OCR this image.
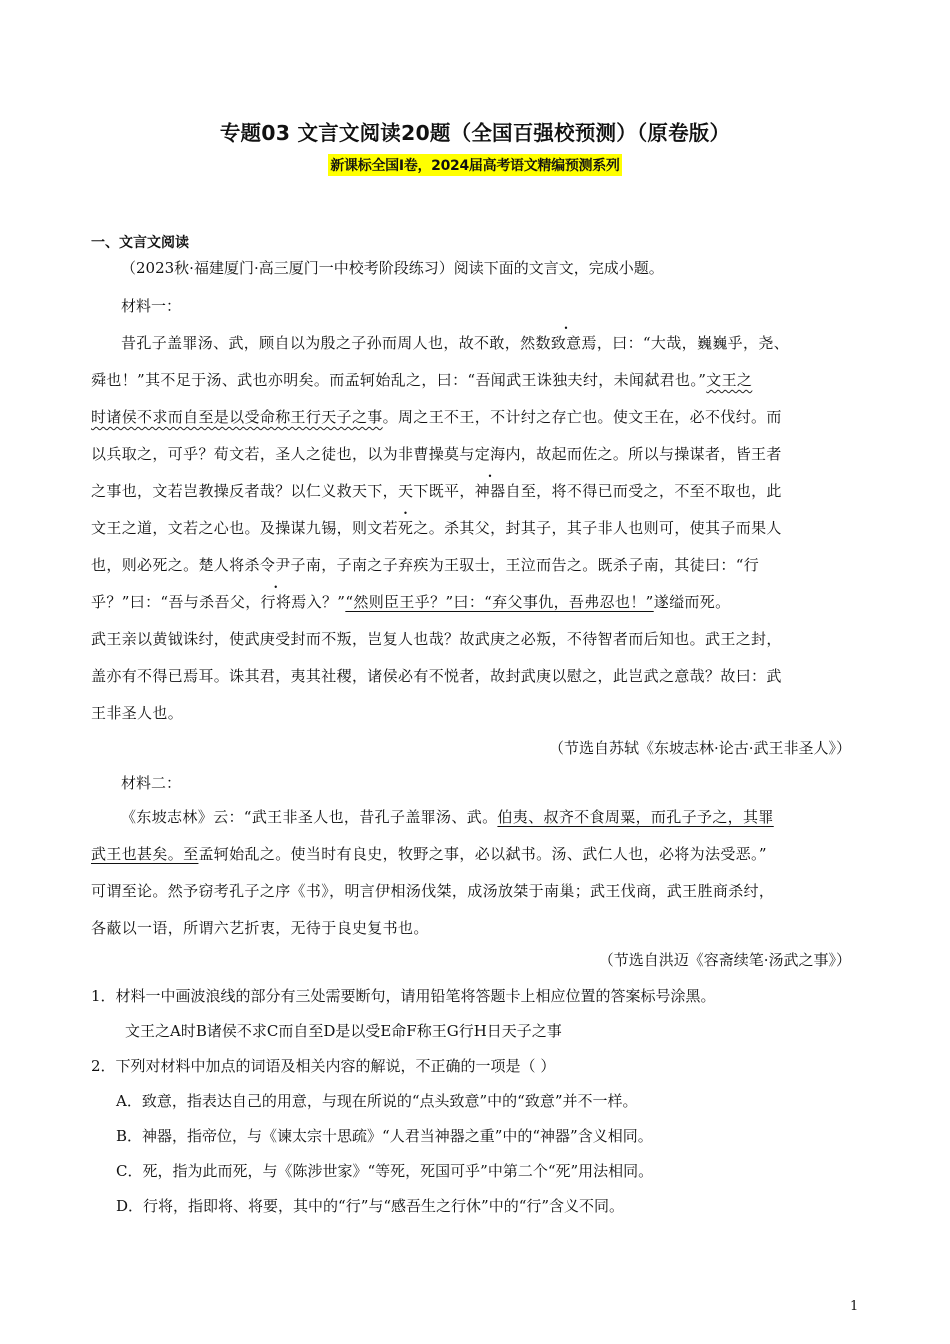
专题03 文言文阅读20题（全国百强校预测）（原卷版）
新课标全国Ⅰ卷，2024届高考语文精编预测系列
一、文言文阅读
（2023秋·福建厦门·高三厦门一中校考阶段练习）阅读下面的文言文，完成小题。
材料一：
昔孔子盖罪汤、武，顾自以为殷之子孙而周人也，故不敢，然数致意焉，曰：“大哉，巍巍乎，尧、
舜也！”其不足于汤、武也亦明矣。而孟轲始乱之，曰：“吾闻武王诛独夫纣，未闻弑君也。”文王之
时诸侯不求而自至是以受命称王行天子之事。周之王不王，不计纣之存亡也。使文王在，必不伐纣。而
以兵取之，可乎？荀文若，圣人之徒也，以为非曹操莫与定海内，故起而佐之。所以与操谋者，皆王者
之事也，文若岂教操反者哉？以仁义救天下，天下既平，神器自至，将不得已而受之，不至不取也，此
文王之道，文若之心也。及操谋九锡，则文若死之。杀其父，封其子，其子非人也则可，使其子而果人
也，则必死之。楚人将杀令尹子南，子南之子弃疾为王驭士，王泣而告之。既杀子南，其徒曰：“行
乎？”曰：“吾与杀吾父，行将焉入？”“然则臣王乎？”曰：“弃父事仇，吾弗忍也！”遂缢而死。
武王亲以黄钺诛纣，使武庚受封而不叛，岂复人也哉？故武庚之必叛，不待智者而后知也。武王之封，
盖亦有不得已焉耳。诛其君，夷其社稷，诸侯必有不悦者，故封武庚以慰之，此岂武之意哉？故曰：武
王非圣人也。
（节选自苏轼《东坡志林·论古·武王非圣人》）
材料二：
《东坡志林》云：“武王非圣人也，昔孔子盖罪汤、武。伯夷、叔齐不食周粟，而孔子予之，其罪
武王也甚矣。至孟轲始乱之。使当时有良史，牧野之事，必以弑书。汤、武仁人也，必将为法受恶。”
可谓至论。然予窃考孔子之序《书》，明言伊相汤伐桀，成汤放桀于南巢；武王伐商，武王胜商杀纣，
各蔽以一语，所谓六艺折衷，无待于良史复书也。
（节选自洪迈《容斋续笔·汤武之事》）
1．材料一中画波浪线的部分有三处需要断句，请用铅笔将答题卡上相应位置的答案标号涂黑。
文王之A时B诸侯不求C而自至D是以受E命F称王G行H日天子之事
2．下列对材料中加点的词语及相关内容的解说，不正确的一项是（ ）
A．致意，指表达自己的用意，与现在所说的“点头致意”中的“致意”并不一样。
B．神器，指帝位，与《谏太宗十思疏》“人君当神器之重”中的“神器”含义相同。
C．死，指为此而死，与《陈涉世家》“等死，死国可乎”中第二个“死”用法相同。
D．行将，指即将、将要，其中的“行”与“感吾生之行休”中的“行”含义不同。
1
